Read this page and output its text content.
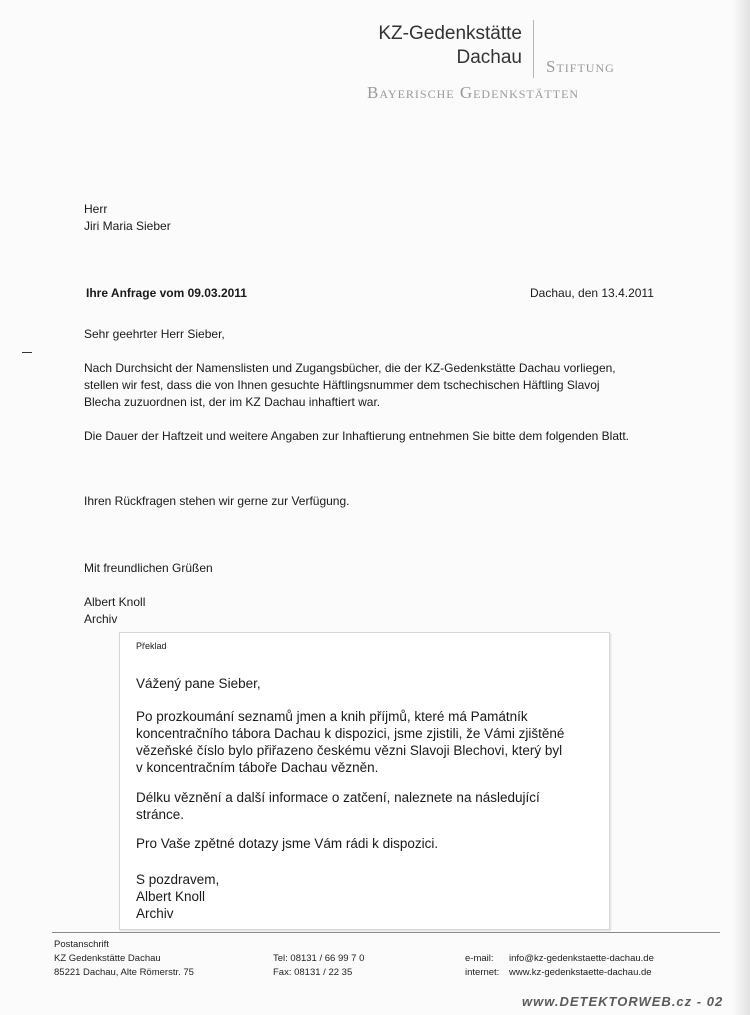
KZ-Gedenkstätte
Dachau Stiftung
Bayerische Gedenkstätten
Herr
Jiri Maria Sieber
Ihre Anfrage vom 09.03.2011	Dachau, den 13.4.2011
Sehr geehrter Herr Sieber,
Nach Durchsicht der Namenslisten und Zugangsbücher, die der KZ-Gedenkstätte Dachau vorliegen,
stellen wir fest, dass die von Ihnen gesuchte Häftlingsnummer dem tschechischen Häftling Slavoj
Blecha zuzuordnen ist, der im KZ Dachau inhaftiert war.
Die Dauer der Haftzeit und weitere Angaben zur Inhaftierung entnehmen Sie bitte dem folgenden Blatt.
Ihren Rückfragen stehen wir gerne zur Verfügung.
Mit freundlichen Grüßen
Albert Knoll
Archiv
Překlad
Vážený pane Sieber,
Po prozkoumání seznamů jmen a knih příjmů, které má Památník
koncentračního tábora Dachau k dispozici, jsme zjistili, že Vámi zjištěné
vězeňské číslo bylo přiřazeno českému vězni Slavoji Blechovi, který byl
v koncentračním táboře Dachau vězněn.
Délku věznění a další informace o zatčení, naleznete na následující
stránce.
Pro Vaše zpětné dotazy jsme Vám rádi k dispozici.
S pozdravem,
Albert Knoll
Archiv
Postanschrift
KZ Gedenkstätte Dachau
85221 Dachau, Alte Römerstr. 75
Tel: 08131 / 66 99 7 0
Fax: 08131 / 22 35
e-mail: info@kz-gedenkstaette-dachau.de
internet: www.kz-gedenkstaette-dachau.de
www.DETEKTORWEB.cz - 02
